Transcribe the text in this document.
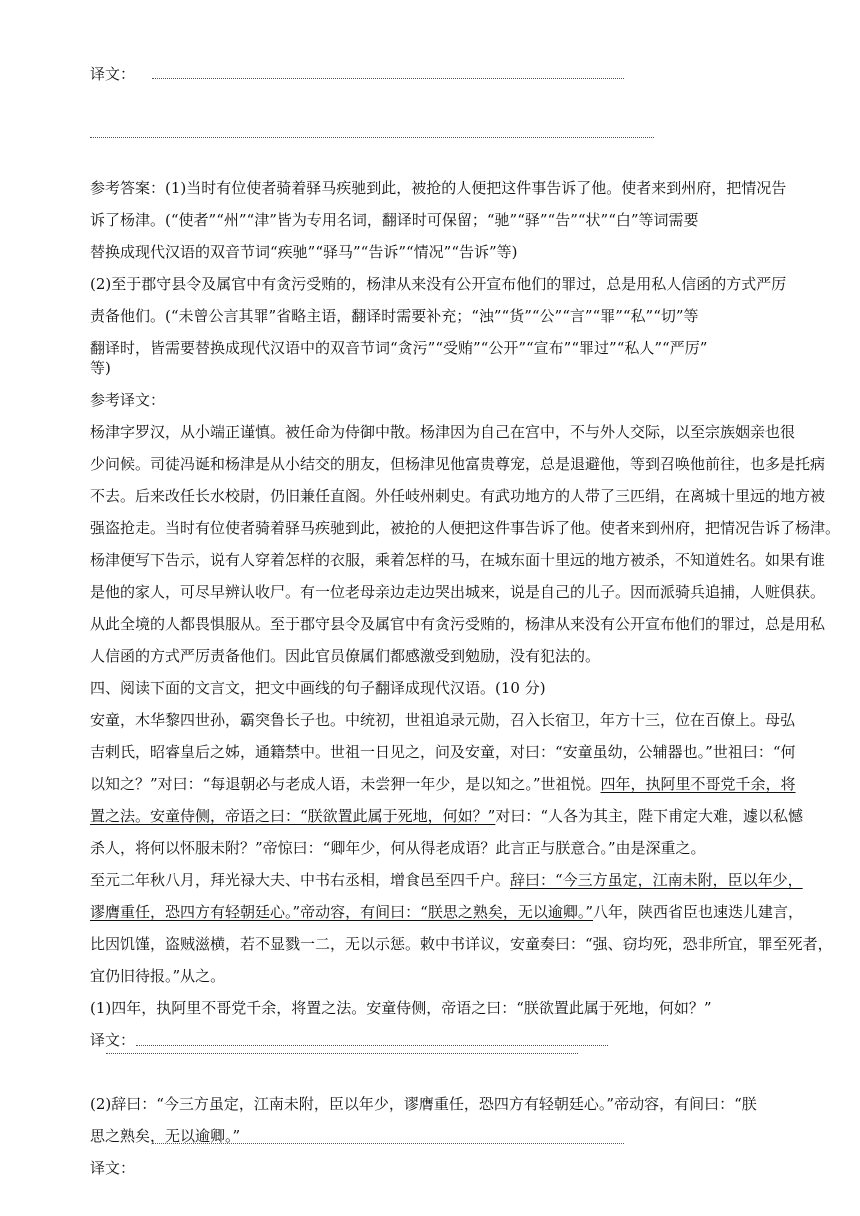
译文：
参考答案：(1)当时有位使者骑着驿马疾驰到此，被抢的人便把这件事告诉了他。使者来到州府，把情况告
诉了杨津。(“使者”“州”“津”皆为专用名词，翻译时可保留；“驰”“驿”“告”“状”“白”等词需要
替换成现代汉语的双音节词“疾驰”“驿马”“告诉”“情况”“告诉”等)
(2)至于郡守县令及属官中有贪污受贿的，杨津从来没有公开宣布他们的罪过，总是用私人信函的方式严厉
责备他们。(“未曾公言其罪”省略主语，翻译时需要补充；“浊”“货”“公”“言”“罪”“私”“切”等
翻译时，皆需要替换成现代汉语中的双音节词“贪污”“受贿”“公开”“宣布”“罪过”“私人”“严厉”
等)
参考译文：
杨津字罗汉，从小端正谨慎。被任命为侍御中散。杨津因为自己在宫中，不与外人交际，以至宗族姻亲也很
少问候。司徒冯诞和杨津是从小结交的朋友，但杨津见他富贵尊宠，总是退避他，等到召唤他前往，也多是托病
不去。后来改任长水校尉，仍旧兼任直阁。外任岐州刺史。有武功地方的人带了三匹绢，在离城十里远的地方被
强盗抢走。当时有位使者骑着驿马疾驰到此，被抢的人便把这件事告诉了他。使者来到州府，把情况告诉了杨津。
杨津便写下告示，说有人穿着怎样的衣服，乘着怎样的马，在城东面十里远的地方被杀，不知道姓名。如果有谁
是他的家人，可尽早辨认收尸。有一位老母亲边走边哭出城来，说是自己的儿子。因而派骑兵追捕，人赃俱获。
从此全境的人都畏惧服从。至于郡守县令及属官中有贪污受贿的，杨津从来没有公开宣布他们的罪过，总是用私
人信函的方式严厉责备他们。因此官员僚属们都感激受到勉励，没有犯法的。
四、阅读下面的文言文，把文中画线的句子翻译成现代汉语。(10 分)
安童，木华黎四世孙，霸突鲁长子也。中统初，世祖追录元勋，召入长宿卫，年方十三，位在百僚上。母弘
吉剌氏，昭睿皇后之姊，通籍禁中。世祖一日见之，问及安童，对曰：“安童虽幼，公辅器也。”世祖曰：“何
以知之？”对曰：“每退朝必与老成人语，未尝狎一年少，是以知之。”世祖悦。四年，执阿里不哥党千余，将
置之法。安童侍侧，帝语之曰：“朕欲置此属于死地，何如？”对曰：“人各为其主，陛下甫定大难，遽以私憾
杀人，将何以怀服未附？”帝惊曰：“卿年少，何从得老成语？此言正与朕意合。”由是深重之。
至元二年秋八月，拜光禄大夫、中书右丞相，增食邑至四千户。辞曰：“今三方虽定，江南未附，臣以年少，
谬膺重任，恐四方有轻朝廷心。”帝动容，有间曰：“朕思之熟矣，无以逾卿。”八年，陕西省臣也速迭儿建言，
比因饥馑，盗贼滋横，若不显戮一二，无以示惩。敕中书详议，安童奏曰：“强、窃均死，恐非所宜，罪至死者，
宜仍旧待报。”从之。
(1)四年，执阿里不哥党千余，将置之法。安童侍侧，帝语之曰：“朕欲置此属于死地，何如？”
译文：
(2)辞曰：“今三方虽定，江南未附，臣以年少，谬膺重任，恐四方有轻朝廷心。”帝动容，有间曰：“朕
思之熟矣，无以逾卿。”
译文：
